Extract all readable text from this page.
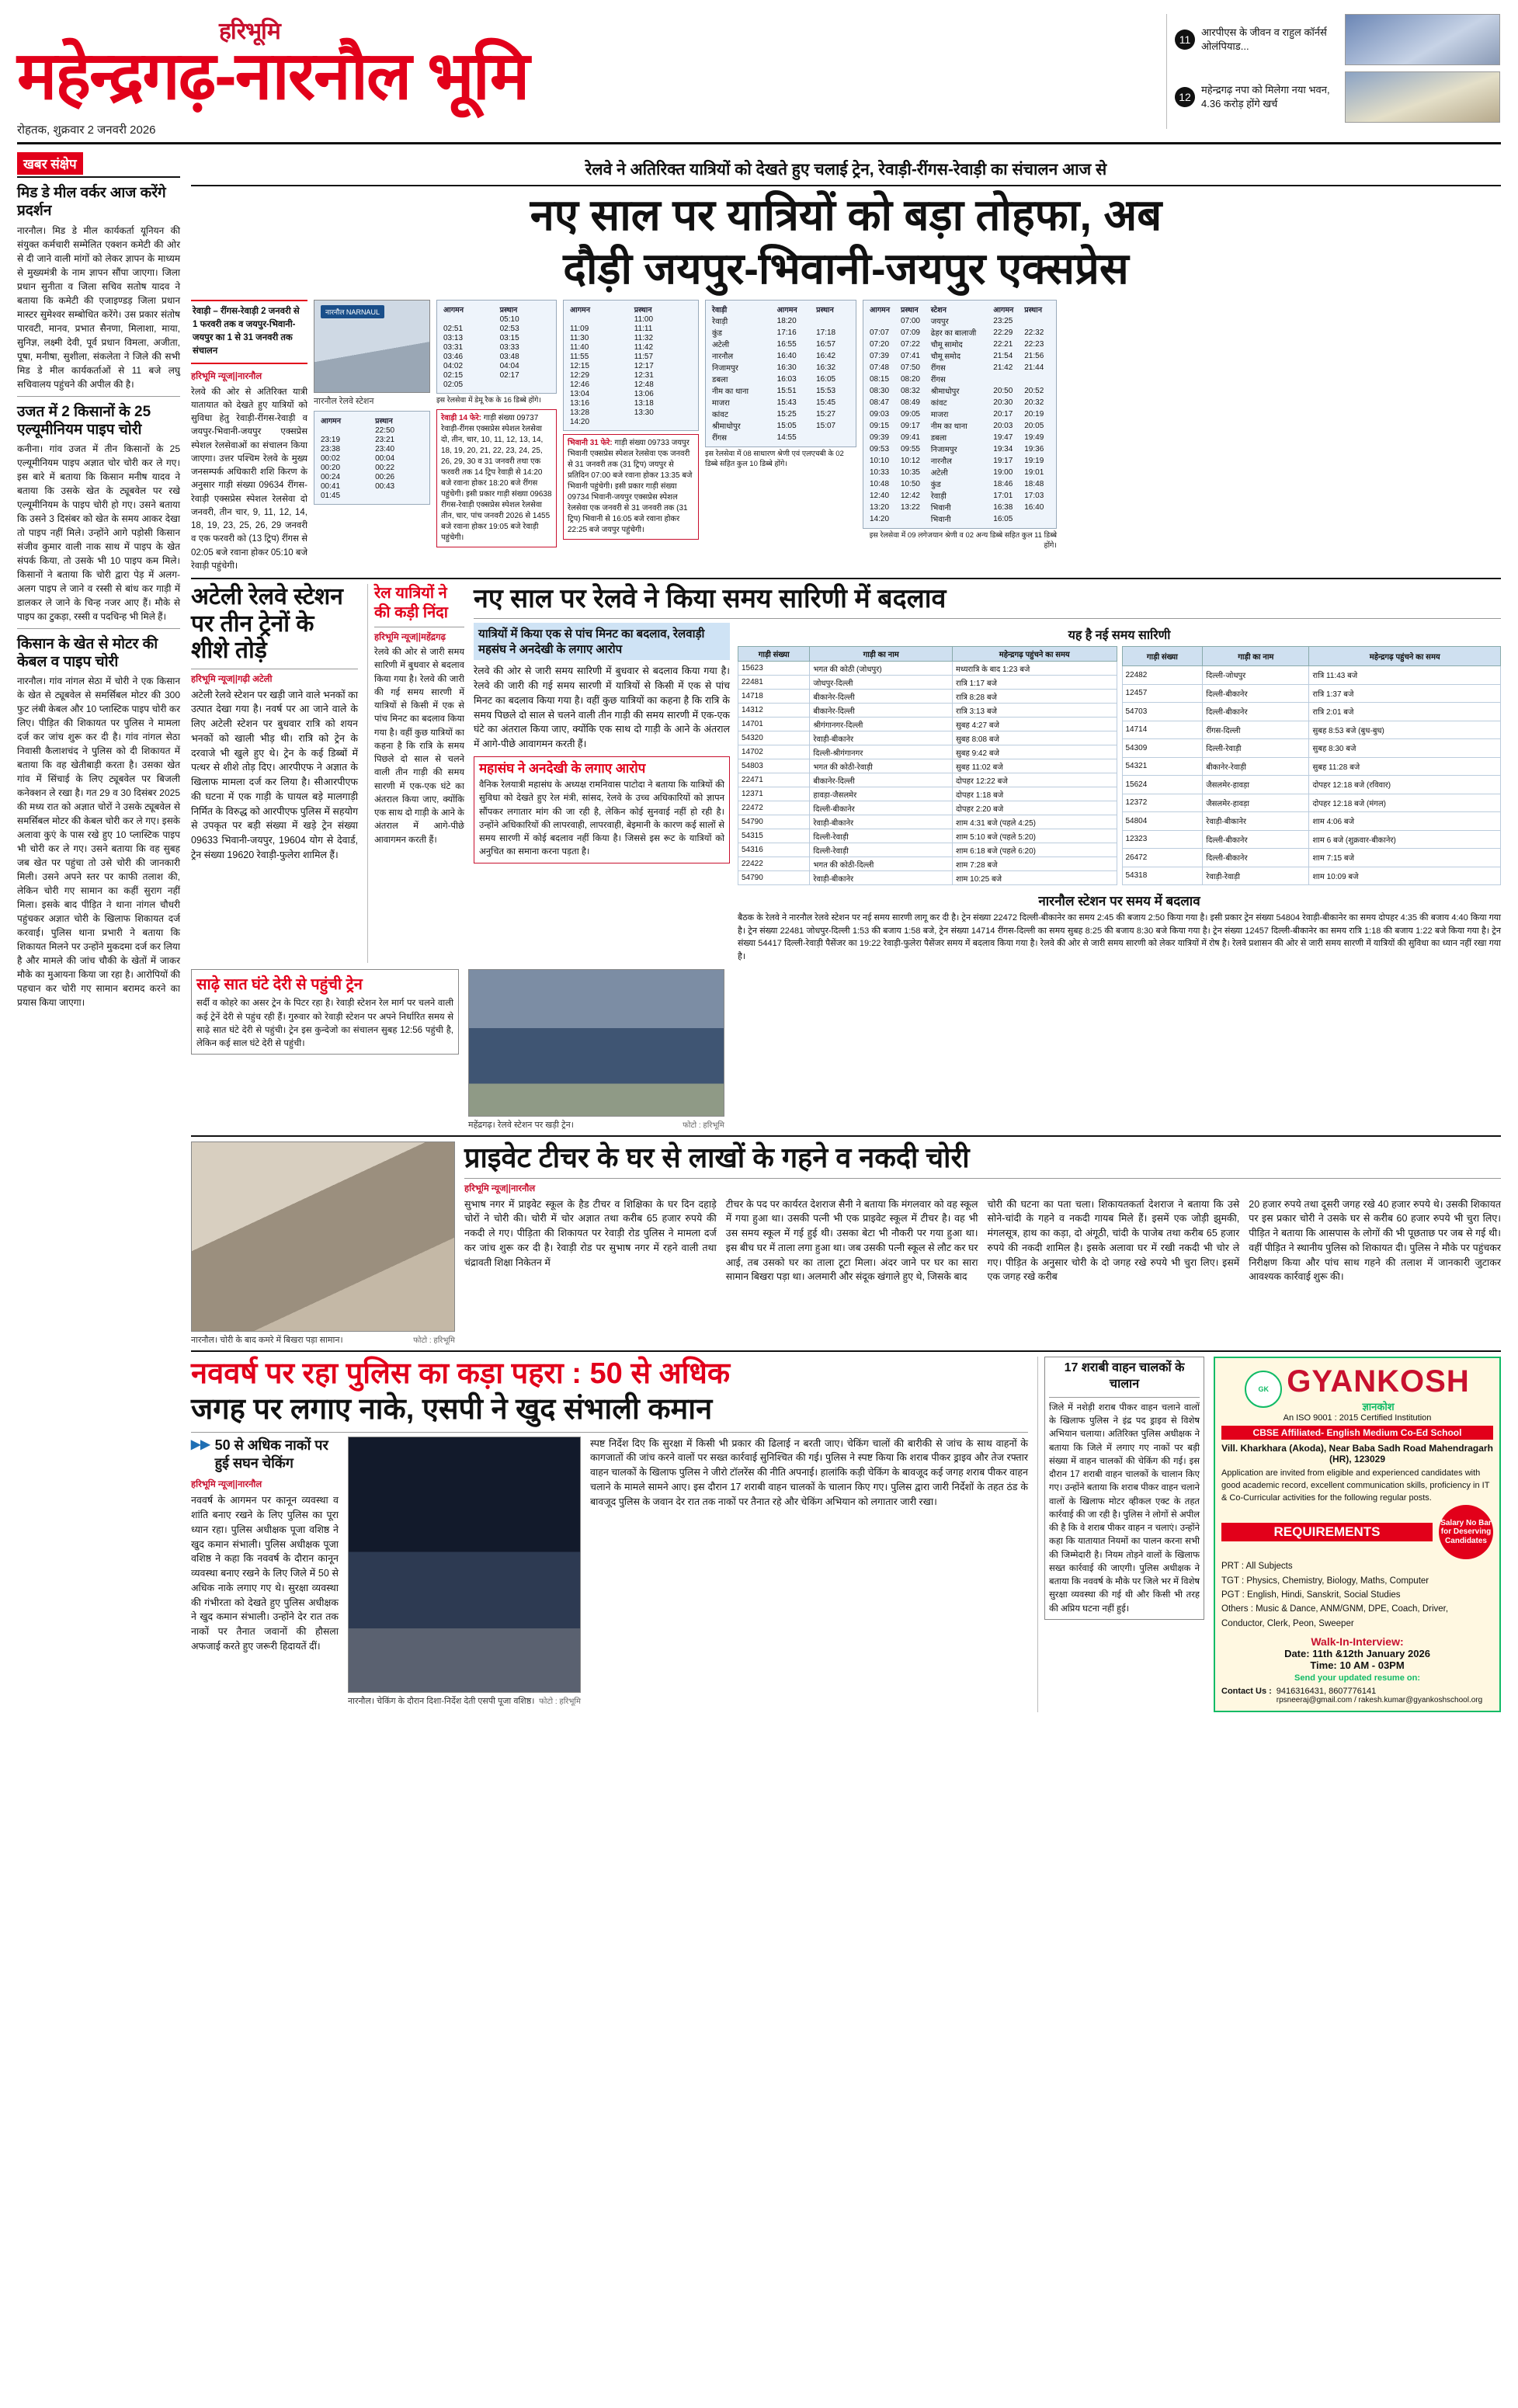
हरिभूमि
महेन्द्रगढ़-नारनौल भूमि
रोहतक, शुक्रवार 2 जनवरी 2026
11
आरपीएस के जीवन व राहुल कॉर्नर्स ओलंपियाड...
12
महेन्द्रगढ़ नपा को मिलेगा नया भवन, 4.36 करोड़ होंगे खर्च
खबर संक्षेप
मिड डे मील वर्कर आज करेंगे प्रदर्शन

नारनौल। मिड डे मील कार्यकर्ता यूनियन की संयुक्त कर्मचारी सम्मेलित एक्शन कमेटी की ओर से दी जाने वाली मांगों को लेकर ज्ञापन के माध्यम से मुख्यमंत्री के नाम ज्ञापन सौंपा जाएगा। जिला प्रधान सुनीता व जिला सचिव सतोष यादव ने बताया कि कमेटी की एजाइण्डड़ जिला प्रधान मास्टर सुमेश्वर सम्बोधित करेंगे। उस प्रकार संतोष पारवटी, मानव, प्रभात सैनणा, मिलाशा, माया, सुनिज्ञ, लक्ष्मी देवी, पूर्व प्रधान विमला, अजीता, पूषा, मनीषा, सुशीला, संकलेता ने जिले की सभी मिड डे मील कार्यकर्ताओं से 11 बजे लघु सचिवालय पहुंचने की अपील की है।

उजत में 2 किसानों के 25 एल्यूमीनियम पाइप चोरी

कनीना। गांव उजत में तीन किसानों के 25 एल्यूमीनियम पाइप अज्ञात चोर चोरी कर ले गए। इस बारे में बताया कि किसान मनीष यादव ने बताया कि उसके खेत के ट्यूबवेल पर रखे एल्यूमीनियम के पाइप चोरी हो गए। उसने बताया कि उसने 3 दिसंबर को खेत के समय आकर देखा तो पाइप नहीं मिले। उन्होंने आगे पड़ोसी किसान संजीव कुमार वाली नाक साथ में पाइप के खेत संपर्क किया, तो उसके भी 10 पाइप कम मिले। किसानों ने बताया कि चोरी द्वारा पेड़ में अलग-अलग पाइप ले जाने व रस्सी से बांध कर गाड़ी में डालकर ले जाने के चिन्ह नजर आए हैं। मौके से पाइप का टुकड़ा, रस्सी व पदचिन्ह भी मिले हैं।

किसान के खेत से मोटर की केबल व पाइप चोरी

नारनौल। गांव नांगल सेठा में चोरी ने एक किसान के खेत से ट्यूबवेल से समर्सिबल मोटर की 300 फुट लंबी केबल और 10 प्लास्टिक पाइप चोरी कर लिए। पीड़ित की शिकायत पर पुलिस ने मामला दर्ज कर जांच शुरू कर दी है। गांव नांगल सेठा निवासी कैलाशचंद ने पुलिस को दी शिकायत में बताया कि वह खेतीबाड़ी करता है। उसका खेत गांव में सिंचाई के लिए ट्यूबवेल पर बिजली कनेक्शन ले रखा है। गत 29 व 30 दिसंबर 2025 की मध्य रात को अज्ञात चोरों ने उसके ट्यूबवेल से समर्सिबल मोटर की केबल चोरी कर ले गए। इसके अलावा कुएं के पास रखे हुए 10 प्लास्टिक पाइप भी चोरी कर ले गए। उसने बताया कि वह सुबह जब खेत पर पहुंचा तो उसे चोरी की जानकारी मिली। उसने अपने स्तर पर काफी तलाश की, लेकिन चोरी गए सामान का कहीं सुराग नहीं मिला। इसके बाद पीड़ित ने थाना नांगल चौधरी पहुंचकर अज्ञात चोरी के खिलाफ शिकायत दर्ज करवाई। पुलिस थाना प्रभारी ने बताया कि शिकायत मिलने पर उन्होंने मुकदमा दर्ज कर लिया है और मामले की जांच चौकी के खेतों में जाकर मौके का मुआयना किया जा रहा है। आरोपियों की पहचान कर चोरी गए सामान बरामद करने का प्रयास किया जाएगा।

रेलवे ने अतिरिक्त यात्रियों को देखते हुए चलाई ट्रेन, रेवाड़ी-रींगस-रेवाड़ी का संचालन आज से
नए साल पर यात्रियों को बड़ा तोहफा, अब
दौड़ी जयपुर-भिवानी-जयपुर एक्सप्रेस
रेवाड़ी – रींगस-रेवाड़ी 2 जनवरी से 1 फरवरी तक व जयपुर-भिवानी-जयपुर का 1 से 31 जनवरी तक संचालन
हरिभूमि न्यूज||नारनौल
रेलवे की ओर से अतिरिक्त यात्री यातायात को देखते हुए यात्रियों को सुविधा हेतु रेवाड़ी-रींगस-रेवाड़ी व जयपुर-भिवानी-जयपुर एक्सप्रेस स्पेशल रेलसेवाओं का संचालन किया जाएगा। उत्तर पश्चिम रेलवे के मुख्य जनसम्पर्क अधिकारी शशि किरण के अनुसार गाड़ी संख्या 09634 रींगस-रेवाड़ी एक्सप्रेस स्पेशल रेलसेवा दो जनवरी, तीन चार, 9, 11, 12, 14, 18, 19, 23, 25, 26, 29 जनवरी व एक फरवरी को (13 ट्रिप) रींगस से 02:05 बजे रवाना होकर 05:10 बजे रेवाड़ी पहुंचेगी।
नारनौल NARNAUL
नारनौल रेलवे स्टेशन
आगमन	प्रस्थान
	22:50
23:19	23:21
23:38	23:40
00:02	00:04
00:20	00:22
00:24	00:26
00:41	00:43
01:45	
आगमन	प्रस्थान
	05:10
02:51	02:53
03:13	03:15
03:31	03:33
03:46	03:48
04:02	04:04
02:15	02:17
02:05	
इस रेलसेवा में डेमू रैक के 16 डिब्बे होंगे।
रेवाड़ी 14 फेरे: गाड़ी संख्या 09737 रेवाड़ी-रींगस एक्सप्रेस स्पेशल रेलसेवा दो, तीन, चार, 10, 11, 12, 13, 14, 18, 19, 20, 21, 22, 23, 24, 25, 26, 29, 30 व 31 जनवरी तथा एक फरवरी तक 14 ट्रिप रेवाड़ी से 14:20 बजे रवाना होकर 18:20 बजे रींगस पहुंचेगी। इसी प्रकार गाड़ी संख्या 09638 रींगस-रेवाड़ी एक्सप्रेस स्पेशल रेलसेवा तीन, चार, पांच जनवरी 2026 से 1455 बजे रवाना होकर 19:05 बजे रेवाड़ी पहुंचेगी।
आगमन	प्रस्थान
	11:00
11:09	11:11
11:30	11:32
11:40	11:42
11:55	11:57
12:15	12:17
12:29	12:31
12:46	12:48
13:04	13:06
13:16	13:18
13:28	13:30
14:20	
भिवानी 31 फेरे: गाड़ी संख्या 09733 जयपुर भिवानी एक्सप्रेस स्पेशल रेलसेवा एक जनवरी से 31 जनवरी तक (31 ट्रिप) जयपुर से प्रतिदिन 07:00 बजे रवाना होकर 13:35 बजे भिवानी पहुंचेगी। इसी प्रकार गाड़ी संख्या 09734 भिवानी-जयपुर एक्सप्रेस स्पेशल रेलसेवा एक जनवरी से 31 जनवरी तक (31 ट्रिप) भिवानी से 16:05 बजे रवाना होकर 22:25 बजे जयपुर पहुंचेगी।
रेवाड़ी	आगमन	प्रस्थान
रेवाड़ी	18:20	
कुंड	17:16	17:18
अटेली	16:55	16:57
नारनौल	16:40	16:42
निजामपुर	16:30	16:32
डबला	16:03	16:05
नीम का थाना	15:51	15:53
माजरा	15:43	15:45
कांवट	15:25	15:27
श्रीमाधोपुर	15:05	15:07
रींगस	14:55	
इस रेलसेवा में 08 साधारण श्रेणी एवं एलएचबी के 02 डिब्बे सहित कुल 10 डिब्बे होंगे।
आगमन	प्रस्थान	स्टेशन	आगमन	प्रस्थान
	07:00	जयपुर	23:25	
07:07	07:09	ढेहर का बालाजी	22:29	22:32
07:20	07:22	चौमू सामोद	22:21	22:23
07:39	07:41	चौमू समोद	21:54	21:56
07:48	07:50	रींगस	21:42	21:44
08:15	08:20	रींगस		
08:30	08:32	श्रीमाधोपुर	20:50	20:52
08:47	08:49	कांवट	20:30	20:32
09:03	09:05	माजरा	20:17	20:19
09:15	09:17	नीम का थाना	20:03	20:05
09:39	09:41	डबला	19:47	19:49
09:53	09:55	निजामपुर	19:34	19:36
10:10	10:12	नारनौल	19:17	19:19
10:33	10:35	अटेली	19:00	19:01
10:48	10:50	कुंड	18:46	18:48
12:40	12:42	रेवाड़ी	17:01	17:03
13:20	13:22	भिवानी	16:38	16:40
14:20		भिवानी	16:05	
इस रेलसेवा में 09 लगेजयान श्रेणी व 02 अन्य डिब्बे सहित कुल 11 डिब्बे होंगे।
अटेली रेलवे स्टेशन पर तीन ट्रेनों के शीशे तोड़े
हरिभूमि न्यूज||गढ़ी अटेली
अटेली रेलवे स्टेशन पर खड़ी जाने वाले भनकों का उत्पात देखा गया है। नवर्ष पर आ जाने वाले के लिए अटेली स्टेशन पर बुधवार रात्रि को शयन भनकों को खाली भीड़ थी। रात्रि को ट्रेन के दरवाजे भी खुले हुए थे। ट्रेन के कई डिब्बों में पत्थर से शीशे तोड़ दिए। आरपीएफ ने अज्ञात के खिलाफ मामला दर्ज कर लिया है। सीआरपीएफ की घटना में एक गाड़ी के घायल बड़े मालगाड़ी निर्मित के विरुद्ध को आरपीएफ पुलिस में सहयोग से उपकृत पर बड़ी संख्या में खड़े ट्रेन संख्या 09633 भिवानी-जयपुर, 19604 योग से देवार्ड, ट्रेन संख्या 19620 रेवाड़ी-फुलेरा शामिल हैं।
रेल यात्रियों ने की कड़ी निंदा
हरिभूमि न्यूज||महेंद्रगढ़
रेलवे की ओर से जारी समय सारिणी में बुधवार से बदलाव किया गया है। रेलवे की जारी की गई समय सारणी में यात्रियों से किसी में एक से पांच मिनट का बदलाव किया गया है। वहीं कुछ यात्रियों का कहना है कि रात्रि के समय पिछले दो साल से चलने वाली तीन गाड़ी की समय सारणी में एक-एक घंटे का अंतराल किया जाए, क्योंकि एक साथ दो गाड़ी के आने के अंतराल में आगे-पीछे आवागमन करती हैं।
नए साल पर रेलवे ने किया समय सारिणी में बदलाव
यात्रियों में किया एक से पांच मिनट का बदलाव, रेलवाड़ी महसंघ ने अनदेखी के लगाए आरोप
रेलवे की ओर से जारी समय सारिणी में बुधवार से बदलाव किया गया है। रेलवे की जारी की गई समय सारणी में यात्रियों से किसी में एक से पांच मिनट का बदलाव किया गया है। वहीं कुछ यात्रियों का कहना है कि रात्रि के समय पिछले दो साल से चलने वाली तीन गाड़ी की समय सारणी में एक-एक घंटे का अंतराल किया जाए, क्योंकि एक साथ दो गाड़ी के आने के अंतराल में आगे-पीछे आवागमन करती हैं।
महासंघ ने अनदेखी के लगाए आरोप
वैनिक रेलयात्री महासंघ के अध्यक्ष रामनिवास पाटोदा ने बताया कि यात्रियों की सुविधा को देखते हुए रेल मंत्री, सांसद, रेलवे के उच्च अधिकारियों को ज्ञापन सौंपकर लगातार मांग की जा रही है, लेकिन कोई सुनवाई नहीं हो रही है। उन्होंने अधिकारियों की लापरवाही, लापरवाही, बेइमानी के कारण कई सालों से समय सारणी में कोई बदलाव नहीं किया है। जिससे इस रूट के यात्रियों को अनुचित का समाना करना पड़ता है।
यह है नई समय सारिणी
गाड़ी संख्या	गाड़ी का नाम	महेन्द्रगढ़ पहुंचने का समय
15623	भगत की कोठी (जोधपुर)	मध्यरात्रि के बाद 1:23 बजे
22481	जोधपुर-दिल्ली	रात्रि 1:17 बजे
14718	बीकानेर-दिल्ली	रात्रि 8:28 बजे
14312	बीकानेर-दिल्ली	रात्रि 3:13 बजे
14701	श्रीगंगानगर-दिल्ली	सुबह 4:27 बजे
54320	रेवाड़ी-बीकानेर	सुबह 8:08 बजे
14702	दिल्ली-श्रीगंगानगर	सुबह 9:42 बजे
54803	भगत की कोठी-रेवाड़ी	सुबह 11:02 बजे
22471	बीकानेर-दिल्ली	दोपहर 12:22 बजे
12371	हावड़ा-जैसलमेर	दोपहर 1:18 बजे
22472	दिल्ली-बीकानेर	दोपहर 2:20 बजे
54790	रेवाड़ी-बीकानेर	शाम 4:31 बजे (पहले 4:25)
54315	दिल्ली-रेवाड़ी	शाम 5:10 बजे (पहले 5:20)
54316	दिल्ली-रेवाड़ी	शाम 6:18 बजे (पहले 6:20)
22422	भगत की कोठी-दिल्ली	शाम 7:28 बजे
54790	रेवाड़ी-बीकानेर	शाम 10:25 बजे
गाड़ी संख्या	गाड़ी का नाम	महेन्द्रगढ़ पहुंचने का समय
22482	दिल्ली-जोधपुर	रात्रि 11:43 बजे
12457	दिल्ली-बीकानेर	रात्रि 1:37 बजे
54703	दिल्ली-बीकानेर	रात्रि 2:01 बजे
14714	रींगस-दिल्ली	सुबह 8:53 बजे (बुध-बुध)
54309	दिल्ली-रेवाड़ी	सुबह 8:30 बजे
54321	बीकानेर-रेवाड़ी	सुबह 11:28 बजे
15624	जैसलमेर-हावड़ा	दोपहर 12:18 बजे (रविवार)
12372	जैसलमेर-हावड़ा	दोपहर 12:18 बजे (मंगल)
54804	रेवाड़ी-बीकानेर	शाम 4:06 बजे
12323	दिल्ली-बीकानेर	शाम 6 बजे (शुक्रवार-बीकानेर)
26472	दिल्ली-बीकानेर	शाम 7:15 बजे
54318	रेवाड़ी-रेवाड़ी	शाम 10:09 बजे
नारनौल स्टेशन पर समय में बदलाव
बैठक के रेलवे ने नारनौल रेलवे स्टेशन पर नई समय सारणी लागू कर दी है। ट्रेन संख्या 22472 दिल्ली-बीकानेर का समय 2:45 की बजाय 2:50 किया गया है। इसी प्रकार ट्रेन संख्या 54804 रेवाड़ी-बीकानेर का समय दोपहर 4:35 की बजाय 4:40 किया गया है। ट्रेन संख्या 22481 जोधपुर-दिल्ली 1:53 की बजाय 1:58 बजे, ट्रेन संख्या 14714 रींगस-दिल्ली का समय सुबह 8:25 की बजाय 8:30 बजे किया गया है। ट्रेन संख्या 12457 दिल्ली-बीकानेर का समय रात्रि 1:18 की बजाय 1:22 बजे किया गया है। ट्रेन संख्या 54417 दिल्ली-रेवाड़ी पैसेंजर का 19:22 रेवाड़ी-फुलेरा पैसेंजर समय में बदलाव किया गया है। रेलवे की ओर से जारी समय सारणी को लेकर यात्रियों में रोष है। रेलवे प्रशासन की ओर से जारी समय सारणी में यात्रियों की सुविधा का ध्यान नहीं रखा गया है।
साढ़े सात घंटे देरी से पहुंची ट्रेन
सर्दी व कोहरे का असर ट्रेन के पिटर रहा है। रेवाड़ी स्टेशन रेल मार्ग पर चलने वाली कई ट्रेनें देरी से पहुंच रही हैं। गुरुवार को रेवाड़ी स्टेशन पर अपने निर्धारित समय से साढ़े सात घंटे देरी से पहुंची। ट्रेन इस कुन्देजो का संचालन सुबह 12:56 पहुंची है, लेकिन कई साल घंटे देरी से पहुंची।
महेंद्रगढ़। रेलवे स्टेशन पर खड़ी ट्रेन।	फोटो : हरिभूमि
नारनौल। चोरी के बाद कमरे में बिखरा पड़ा सामान।	फोटो : हरिभूमि
प्राइवेट टीचर के घर से लाखों के गहने व नकदी चोरी
हरिभूमि न्यूज||नारनौल
सुभाष नगर में प्राइवेट स्कूल के हैड टीचर व शिक्षिका के घर दिन दहाड़े चोरों ने चोरी की। चोरी में चोर अज्ञात तथा करीब 65 हजार रुपये की नकदी ले गए। पीड़िता की शिकायत पर रेवाड़ी रोड पुलिस ने मामला दर्ज कर जांच शुरू कर दी है। रेवाड़ी रोड पर सुभाष नगर में रहने वाली तथा चंद्रावती शिक्षा निकेतन में
टीचर के पद पर कार्यरत देशराज सैनी ने बताया कि मंगलवार को वह स्कूल में गया हुआ था। उसकी पत्नी भी एक प्राइवेट स्कूल में टीचर है। वह भी उस समय स्कूल में गई हुई थी। उसका बेटा भी नौकरी पर गया हुआ था। इस बीच घर में ताला लगा हुआ था। जब उसकी पत्नी स्कूल से लौट कर घर आई, तब उसको घर का ताला टूटा मिला। अंदर जाने पर घर का सारा सामान बिखरा पड़ा था। अलमारी और संदूक खंगाले हुए थे, जिसके बाद
चोरी की घटना का पता चला। शिकायतकर्ता देशराज ने बताया कि उसे सोने-चांदी के गहने व नकदी गायब मिले हैं। इसमें एक जोड़ी झुमकी, मंगलसूत्र, हाथ का कड़ा, दो अंगूठी, चांदी के पाजेब तथा करीब 65 हजार रुपये की नकदी शामिल है। इसके अलावा घर में रखी नकदी भी चोर ले गए। पीड़ित के अनुसार चोरी के दो जगह रखे रुपये भी चुरा लिए। इसमें एक जगह रखे करीब
20 हजार रुपये तथा दूसरी जगह रखे 40 हजार रुपये थे। उसकी शिकायत पर इस प्रकार चोरी ने उसके घर से करीब 60 हजार रुपये भी चुरा लिए। पीड़ित ने बताया कि आसपास के लोगों की भी पूछताछ पर जब से गई थी। वहीं पीड़ित ने स्थानीय पुलिस को शिकायत दी। पुलिस ने मौके पर पहुंचकर निरीक्षण किया और पांच साथ गहने की तलाश में जानकारी जुटाकर आवश्यक कार्रवाई शुरू की।
नववर्ष पर रहा पुलिस का कड़ा पहरा : 50 से अधिक
जगह पर लगाए नाके, एसपी ने खुद संभाली कमान
▶▶ 50 से अधिक नाकों पर हुई सघन चेकिंग
हरिभूमि न्यूज||नारनौल
नववर्ष के आगमन पर कानून व्यवस्था व शांति बनाए रखने के लिए पुलिस का पूरा ध्यान रहा। पुलिस अधीक्षक पूजा वशिष्ठ ने खुद कमान संभाली। पुलिस अधीक्षक पूजा वशिष्ठ ने कहा कि नववर्ष के दौरान कानून व्यवस्था बनाए रखने के लिए जिले में 50 से अधिक नाके लगाए गए थे। सुरक्षा व्यवस्था की गंभीरता को देखते हुए पुलिस अधीक्षक ने खुद कमान संभाली। उन्होंने देर रात तक नाकों पर तैनात जवानों की हौसला अफजाई करते हुए जरूरी हिदायतें दीं।
नारनौल। चेकिंग के दौरान दिशा-निर्देश देती एसपी पूजा वशिष्ठ। फोटो : हरिभूमि
स्पष्ट निर्देश दिए कि सुरक्षा में किसी भी प्रकार की ढिलाई न बरती जाए। चेकिंग चालों की बारीकी से जांच के साथ वाहनों के कागजातों की जांच करने वालों पर सख्त कार्रवाई सुनिश्चित की गई। पुलिस ने स्पष्ट किया कि शराब पीकर ड्राइव और तेज रफ्तार वाहन चालकों के खिलाफ पुलिस ने जीरो टॉलरेंस की नीति अपनाई। हालांकि कड़ी चेकिंग के बावजूद कई जगह शराब पीकर वाहन चलाने के मामले सामने आए। इस दौरान 17 शराबी वाहन चालकों के चालान किए गए। पुलिस द्वारा जारी निर्देशों के तहत ठंड के बावजूद पुलिस के जवान देर रात तक नाकों पर तैनात रहे और चेकिंग अभियान को लगातार जारी रखा।
17 शराबी वाहन चालकों के चालान
जिले में नशेड़ी शराब पीकर वाहन चलाने वालों के खिलाफ पुलिस ने इंद्र पद ड्राइव से विशेष अभियान चलाया। अतिरिक्त पुलिस अधीक्षक ने बताया कि जिले में लगाए गए नाकों पर बड़ी संख्या में वाहन चालकों की चेकिंग की गई। इस दौरान 17 शराबी वाहन चालकों के चालान किए गए। उन्होंने बताया कि शराब पीकर वाहन चलाने वालों के खिलाफ मोटर व्हीकल एक्ट के तहत कार्रवाई की जा रही है। पुलिस ने लोगों से अपील की है कि वे शराब पीकर वाहन न चलाएं। उन्होंने कहा कि यातायात नियमों का पालन करना सभी की जिम्मेदारी है। नियम तोड़ने वालों के खिलाफ सख्त कार्रवाई की जाएगी। पुलिस अधीक्षक ने बताया कि नववर्ष के मौके पर जिले भर में विशेष सुरक्षा व्यवस्था की गई थी और किसी भी तरह की अप्रिय घटना नहीं हुई।
GK GYANKOSH
ज्ञानकोश
An ISO 9001 : 2015 Certified Institution
CBSE Affiliated- English Medium Co-Ed School
Vill. Kharkhara (Akoda), Near Baba Sadh Road Mahendragarh (HR), 123029
Application are invited from eligible and experienced candidates with good academic record, excellent communication skills, proficiency in IT & Co-Curricular activities for the following regular posts.
REQUIREMENTS
Salary No Bar for Deserving Candidates
PRT : All Subjects
TGT : Physics, Chemistry, Biology, Maths, Computer
PGT : English, Hindi, Sanskrit, Social Studies
Others : Music & Dance, ANM/GNM, DPE, Coach, Driver, Conductor, Clerk, Peon, Sweeper
Walk-In-Interview:
Date: 11th &12th January 2026
Time: 10 AM - 03PM
Send your updated resume on:
Contact Us : 9416316431, 8607776141
rpsneeraj@gmail.com / rakesh.kumar@gyankoshschool.org
